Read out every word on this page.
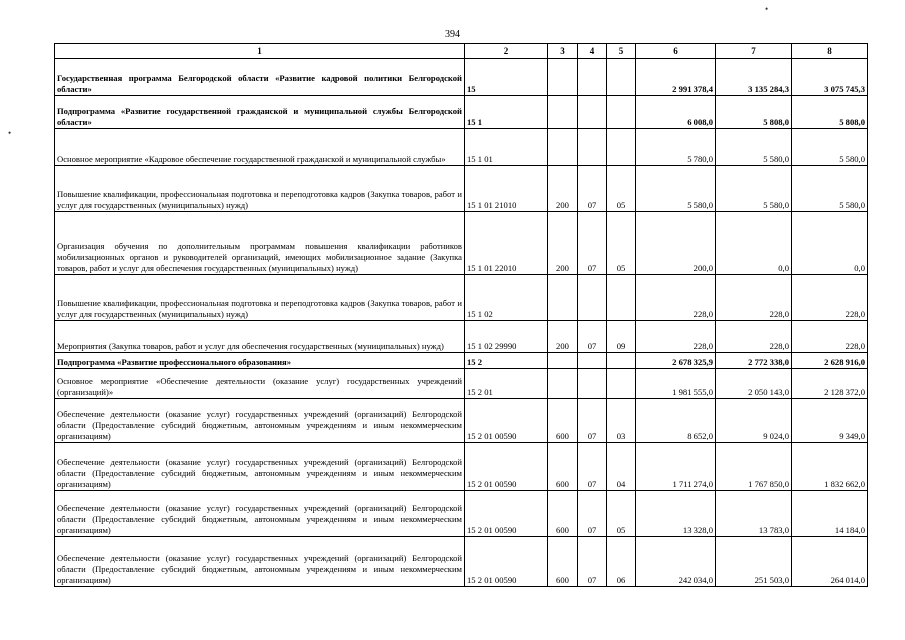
394
•
•
1	2	3	4	5	6	7	8
Государственная программа Белгородской области «Развитие кадровой политики Белгородской области»	15				2 991 378,4	3 135 284,3	3 075 745,3
Подпрограмма «Развитие государственной гражданской и муниципальной службы Белгородской области»	15 1				6 008,0	5 808,0	5 808,0
Основное мероприятие «Кадровое обеспечение государственной гражданской и муниципальной службы»	15 1 01				5 780,0	5 580,0	5 580,0
Повышение квалификации, профессиональная подготовка и переподготовка кадров (Закупка товаров, работ и услуг для государственных (муниципальных) нужд)	15 1 01 21010	200	07	05	5 580,0	5 580,0	5 580,0
Организация обучения по дополнительным программам повышения квалификации работников мобилизационных органов и руководителей организаций, имеющих мобилизационное задание (Закупка товаров, работ и услуг для обеспечения государственных (муниципальных) нужд)	15 1 01 22010	200	07	05	200,0	0,0	0,0
Повышение квалификации, профессиональная подготовка и переподготовка кадров (Закупка товаров, работ и услуг для государственных (муниципальных) нужд)	15 1 02				228,0	228,0	228,0
Мероприятия (Закупка товаров, работ и услуг для обеспечения государственных (муниципальных) нужд)	15 1 02 29990	200	07	09	228,0	228,0	228,0
Подпрограмма «Развитие профессионального образования»	15 2				2 678 325,9	2 772 338,0	2 628 916,0
Основное мероприятие «Обеспечение деятельности (оказание услуг) государственных учреждений (организаций)»	15 2 01				1 981 555,0	2 050 143,0	2 128 372,0
Обеспечение деятельности (оказание услуг) государственных учреждений (организаций) Белгородской области (Предоставление субсидий бюджетным, автономным учреждениям и иным некоммерческим организациям)	15 2 01 00590	600	07	03	8 652,0	9 024,0	9 349,0
Обеспечение деятельности (оказание услуг) государственных учреждений (организаций) Белгородской области (Предоставление субсидий бюджетным, автономным учреждениям и иным некоммерческим организациям)	15 2 01 00590	600	07	04	1 711 274,0	1 767 850,0	1 832 662,0
Обеспечение деятельности (оказание услуг) государственных учреждений (организаций) Белгородской области (Предоставление субсидий бюджетным, автономным учреждениям и иным некоммерческим организациям)	15 2 01 00590	600	07	05	13 328,0	13 783,0	14 184,0
Обеспечение деятельности (оказание услуг) государственных учреждений (организаций) Белгородской области (Предоставление субсидий бюджетным, автономным учреждениям и иным некоммерческим организациям)	15 2 01 00590	600	07	06	242 034,0	251 503,0	264 014,0
